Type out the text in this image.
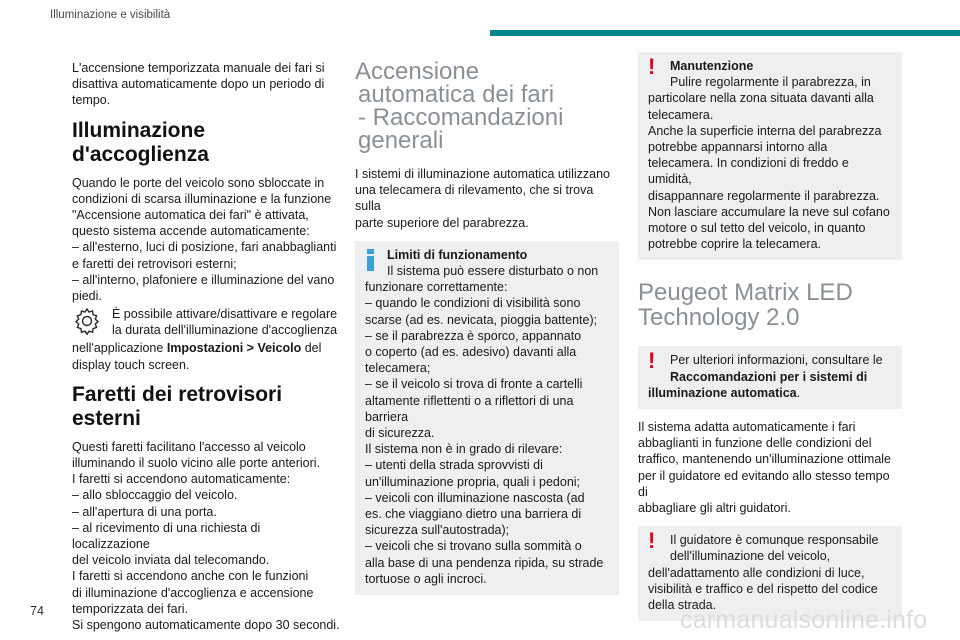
Illuminazione e visibilità

L'accensione temporizzata manuale dei fari si
disattiva automaticamente dopo un periodo di
tempo.

Illuminazione d'accoglienza

Quando le porte del veicolo sono sbloccate in
condizioni di scarsa illuminazione e la funzione
"Accensione automatica dei fari" è attivata,
questo sistema accende automaticamente:
– all'esterno, luci di posizione, fari anabbaglianti
e faretti dei retrovisori esterni;
– all'interno, plafoniere e illuminazione del vano
piedi.

È possibile attivare/disattivare e regolare
la durata dell'illuminazione d'accoglienza

nell'applicazione Impostazioni > Veicolo del
display touch screen.

Faretti dei retrovisori esterni

Questi faretti facilitano l'accesso al veicolo
illuminando il suolo vicino alle porte anteriori.
I faretti si accendono automaticamente:
– allo sbloccaggio del veicolo.
– all'apertura di una porta.
– al ricevimento di una richiesta di localizzazione
del veicolo inviata dal telecomando.
I faretti si accendono anche con le funzioni
di illuminazione d'accoglienza e accensione
temporizzata dei fari.
Si spengono automaticamente dopo 30 secondi.

Accensione
automatica dei fari
- Raccomandazioni
generali

I sistemi di illuminazione automatica utilizzano
una telecamera di rilevamento, che si trova sulla
parte superiore del parabrezza.

Limiti di funzionamento
Il sistema può essere disturbato o non
funzionare correttamente:
– quando le condizioni di visibilità sono
scarse (ad es. nevicata, pioggia battente);
– se il parabrezza è sporco, appannato
o coperto (ad es. adesivo) davanti alla
telecamera;
– se il veicolo si trova di fronte a cartelli
altamente riflettenti o a riflettori di una barriera
di sicurezza.
Il sistema non è in grado di rilevare:
– utenti della strada sprovvisti di
un'illuminazione propria, quali i pedoni;
– veicoli con illuminazione nascosta (ad
es. che viaggiano dietro una barriera di
sicurezza sull'autostrada);
– veicoli che si trovano sulla sommità o
alla base di una pendenza ripida, su strade
tortuose o agli incroci.
!	Manutenzione
Pulire regolarmente il parabrezza, in
particolare nella zona situata davanti alla
telecamera.
Anche la superficie interna del parabrezza
potrebbe appannarsi intorno alla
telecamera. In condizioni di freddo e umidità,
disappannare regolarmente il parabrezza.
Non lasciare accumulare la neve sul cofano
motore o sul tetto del veicolo, in quanto
potrebbe coprire la telecamera.
Peugeot Matrix LED
Technology 2.0
!	Per ulteriori informazioni, consultare le
Raccomandazioni per i sistemi di
illuminazione automatica.

Il sistema adatta automaticamente i fari
abbaglianti in funzione delle condizioni del
traffico, mantenendo un'illuminazione ottimale
per il guidatore ed evitando allo stesso tempo di
abbagliare gli altri guidatori.

!	Il guidatore è comunque responsabile
dell'illuminazione del veicolo,
dell'adattamento alle condizioni di luce,
visibilità e traffico e del rispetto del codice
della strada.
74	carmanualsonline.info
